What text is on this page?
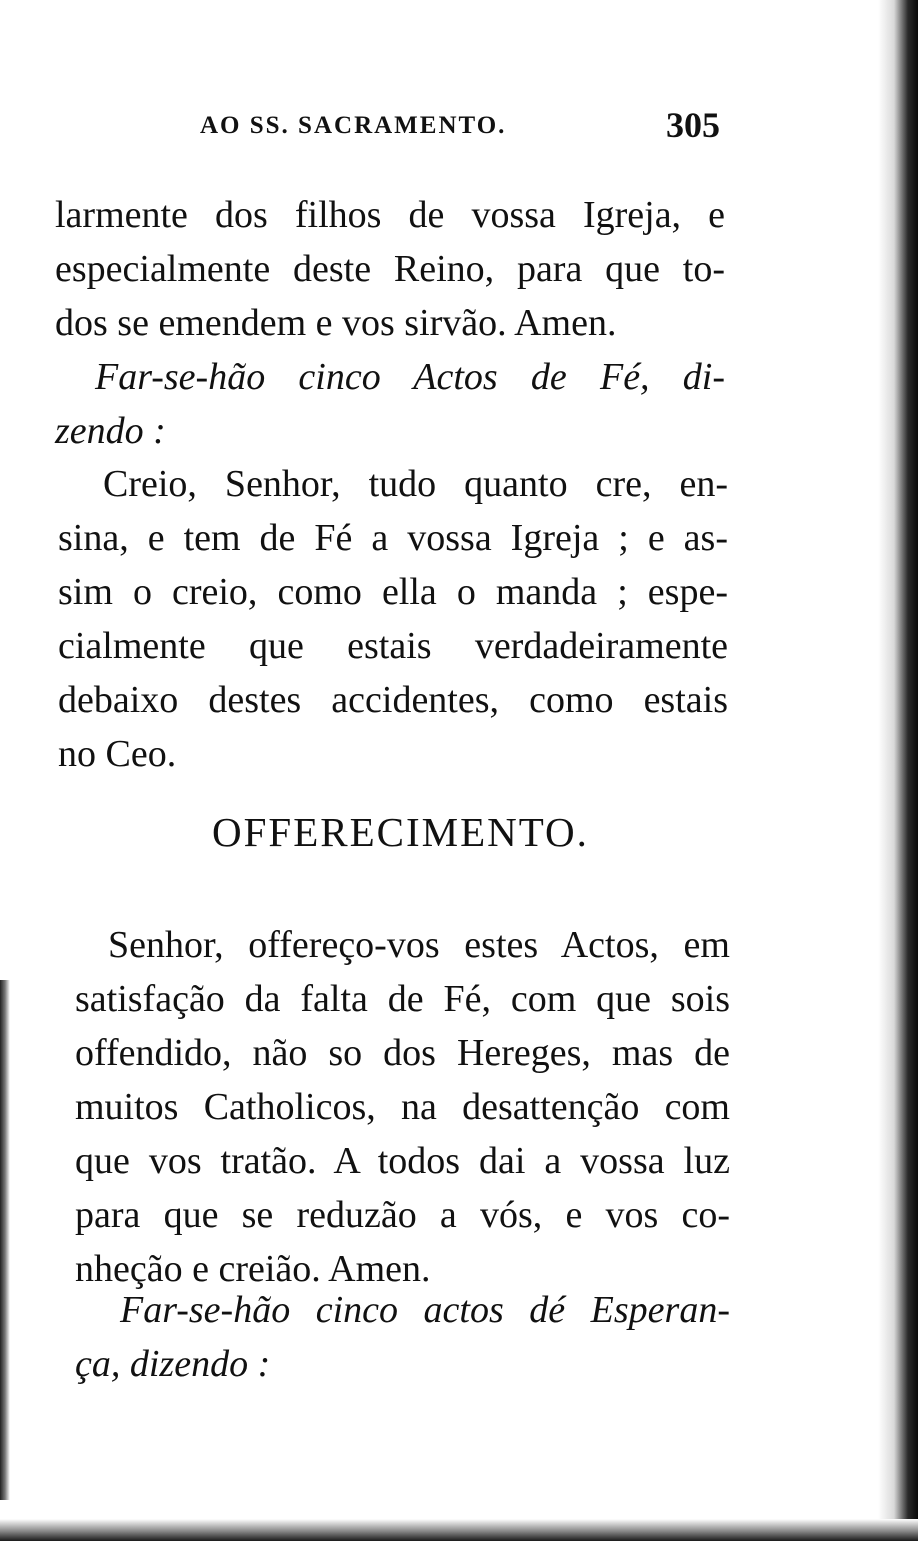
AO SS. SACRAMENTO.	305
larmente dos filhos de vossa Igreja, e
especialmente deste Reino, para que to-
dos se emendem e vos sirvão. Amen.
Far-se-hão cinco Actos de Fé, di-
zendo :
Creio, Senhor, tudo quanto cre, en-
sina, e tem de Fé a vossa Igreja ; e as-
sim o creio, como ella o manda ; espe-
cialmente que estais verdadeiramente
debaixo destes accidentes, como estais
no Ceo.
OFFERECIMENTO.
Senhor, offereço-vos estes Actos, em
satisfação da falta de Fé, com que sois
offendido, não so dos Hereges, mas de
muitos Catholicos, na desattenção com
que vos tratão. A todos dai a vossa luz
para que se reduzão a vós, e vos co-
nheção e creião. Amen.
Far-se-hão cinco actos dé Esperan-
ça, dizendo :
